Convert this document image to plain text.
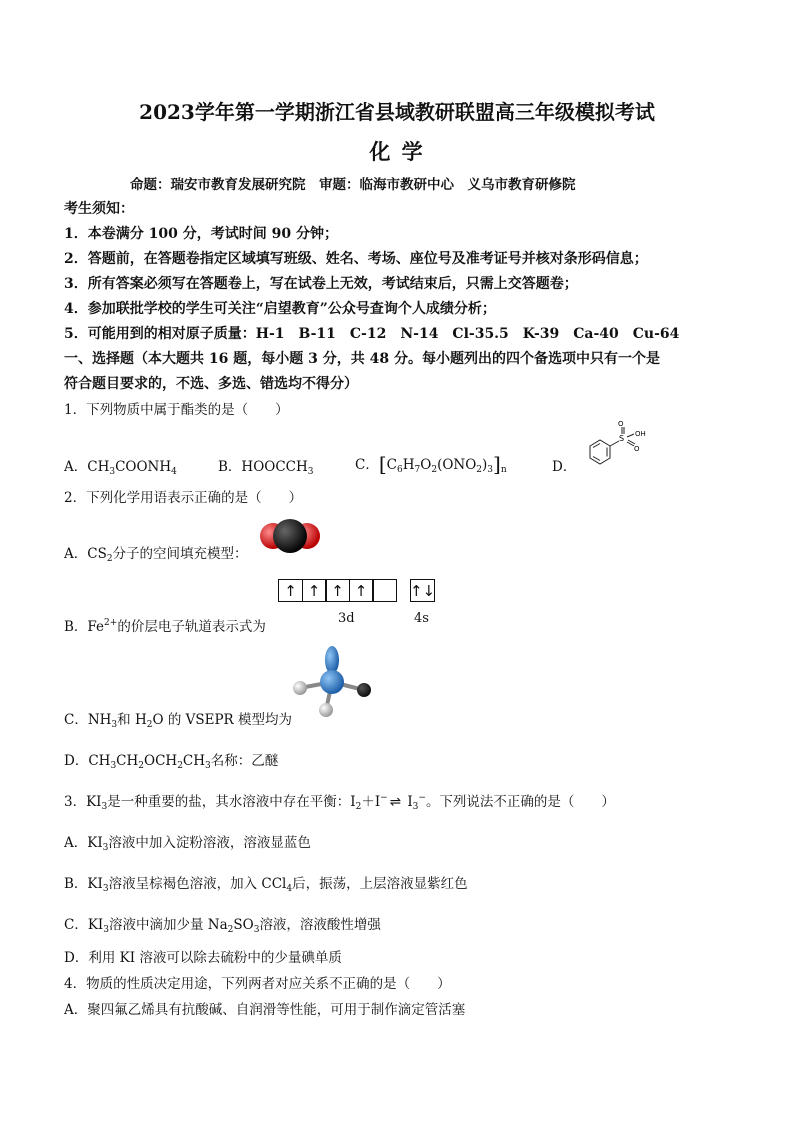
2023学年第一学期浙江省县域教研联盟高三年级模拟考试
化 学
命题：瑞安市教育发展研究院　审题：临海市教研中心　义乌市教育研修院
考生须知：
1．本卷满分 100 分，考试时间 90 分钟；
2．答题前，在答题卷指定区域填写班级、姓名、考场、座位号及准考证号并核对条形码信息；
3．所有答案必须写在答题卷上，写在试卷上无效，考试结束后，只需上交答题卷；
4．参加联批学校的学生可关注“启望教育”公众号查询个人成绩分析；
5．可能用到的相对原子质量：H-1　B-11　C-12　N-14　Cl-35.5　K-39　Ca-40　Cu-64
一、选择题（本大题共 16 题，每小题 3 分，共 48 分。每小题列出的四个备选项中只有一个是
符合题目要求的，不选、多选、错选均不得分）
1．下列物质中属于酯类的是（　　）
A．$CH_3COONH_4$	B．$HOOCCH_3$	C．$[C_6H_7O_2(ONO_2)_3]_n$	D．
O
S
O
OH
2．下列化学用语表示正确的是（　　）
A．$CS_2$分子的空间填充模型：
↑ ↑ ↑ ↑	↑↓
3d	4s
B．$Fe^{2+}$的价层电子轨道表示式为
C．$NH_3$和 $H_2O$ 的 VSEPR 模型均为
D．$CH_3CH_2OCH_2CH_3$名称：乙醚
3．$KI_3$是一种重要的盐，其水溶液中存在平衡：$I_2+I^-$ ⇌ $I_3^-$。下列说法不正确的是（　　）
A．$KI_3$溶液中加入淀粉溶液，溶液显蓝色
B．$KI_3$溶液呈棕褐色溶液，加入 CCl$_4$后，振荡，上层溶液显紫红色
C．$KI_3$溶液中滴加少量 $Na_2SO_3$溶液，溶液酸性增强
D．利用 KI 溶液可以除去硫粉中的少量碘单质
4．物质的性质决定用途，下列两者对应关系不正确的是（　　）
A．聚四氟乙烯具有抗酸碱、自润滑等性能，可用于制作滴定管活塞
